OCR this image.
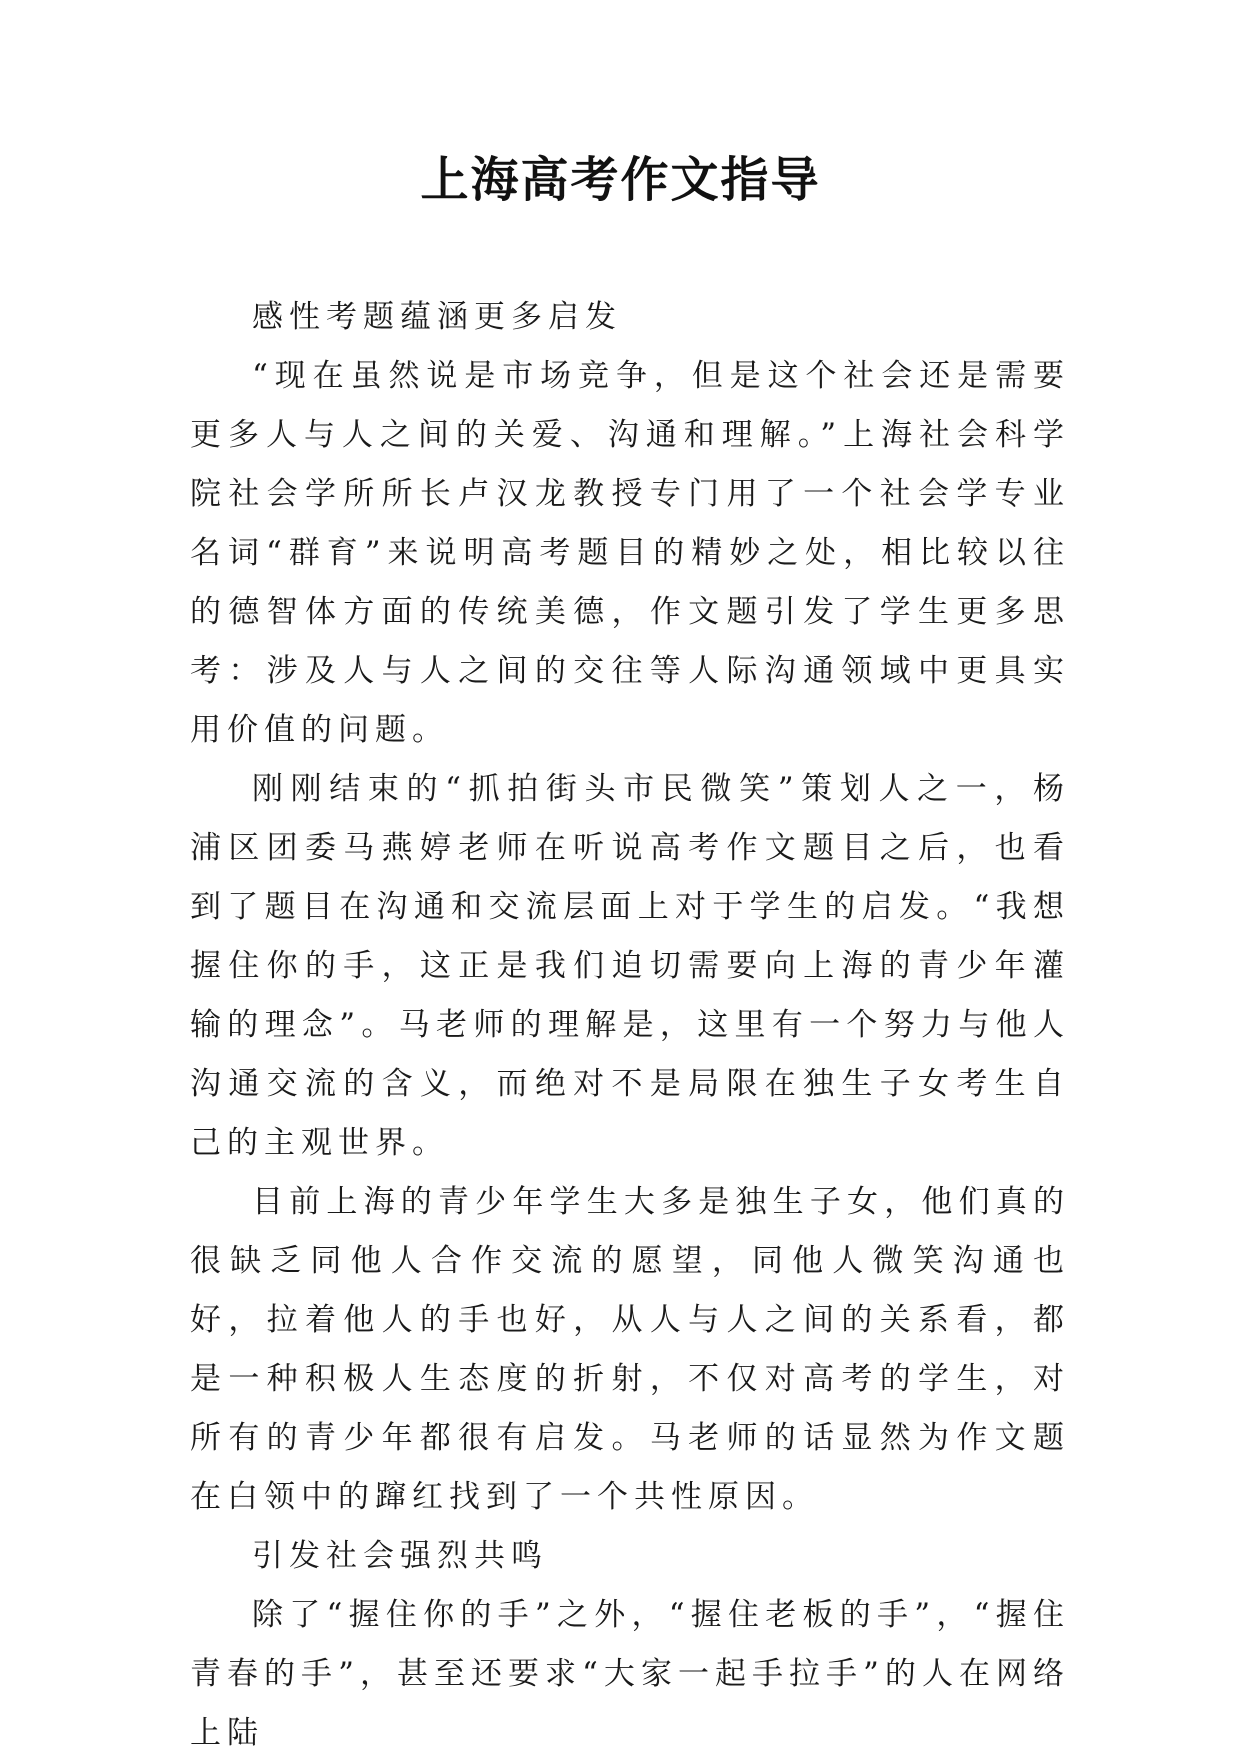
上海高考作文指导

感性考题蕴涵更多启发

“现在虽然说是市场竞争，但是这个社会还是需要更多人与人之间的关爱、沟通和理解。”上海社会科学院社会学所所长卢汉龙教授专门用了一个社会学专业名词“群育”来说明高考题目的精妙之处，相比较以往的德智体方面的传统美德，作文题引发了学生更多思考：涉及人与人之间的交往等人际沟通领域中更具实用价值的问题。

刚刚结束的“抓拍街头市民微笑”策划人之一，杨浦区团委马燕婷老师在听说高考作文题目之后，也看到了题目在沟通和交流层面上对于学生的启发。“我想握住你的手，这正是我们迫切需要向上海的青少年灌输的理念”。马老师的理解是，这里有一个努力与他人沟通交流的含义，而绝对不是局限在独生子女考生自己的主观世界。

目前上海的青少年学生大多是独生子女，他们真的很缺乏同他人合作交流的愿望，同他人微笑沟通也好，拉着他人的手也好，从人与人之间的关系看，都是一种积极人生态度的折射，不仅对高考的学生，对所有的青少年都很有启发。马老师的话显然为作文题在白领中的蹿红找到了一个共性原因。

引发社会强烈共鸣

除了“握住你的手”之外，“握住老板的手”，“握住青春的手”，甚至还要求“大家一起手拉手”的人在网络上陆
